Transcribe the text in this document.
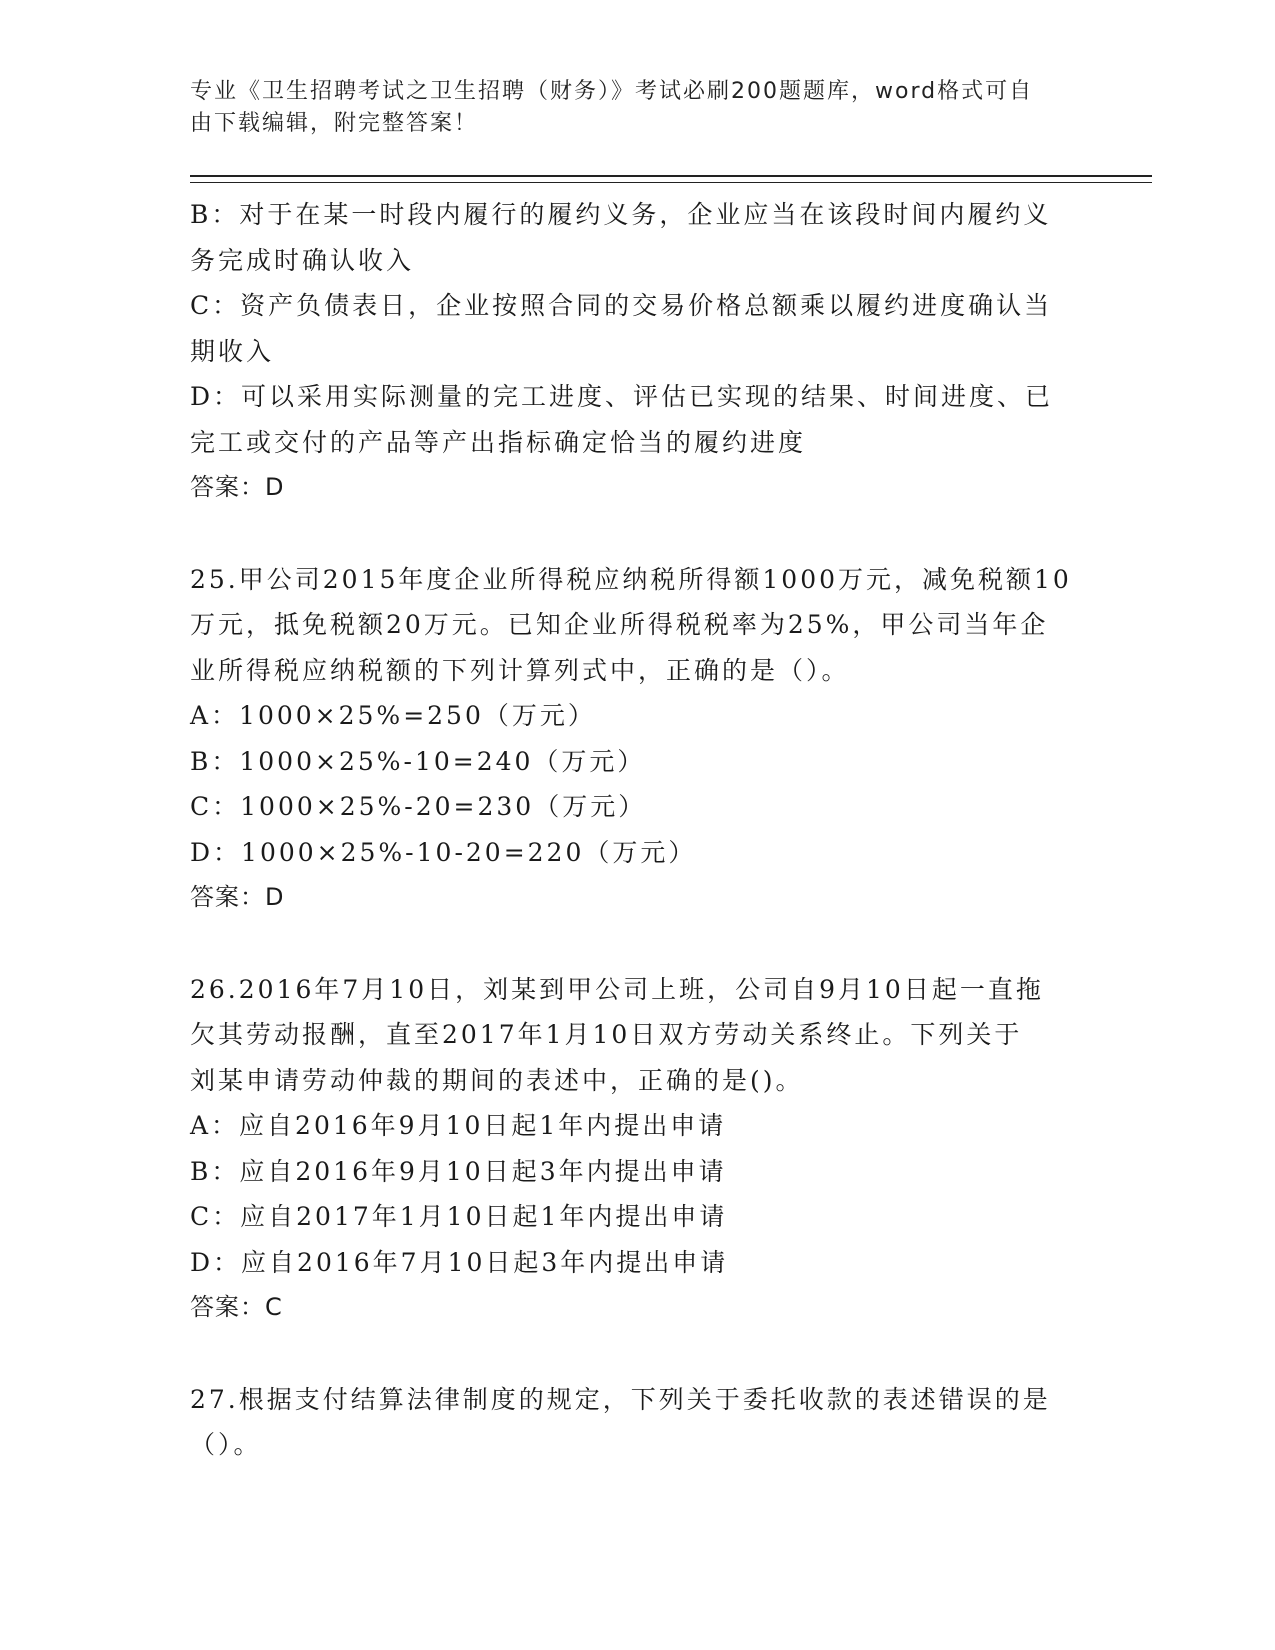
专业《卫生招聘考试之卫生招聘（财务）》考试必刷200题题库，word格式可自
由下载编辑，附完整答案！
B：对于在某一时段内履行的履约义务，企业应当在该段时间内履约义
务完成时确认收入
C：资产负债表日，企业按照合同的交易价格总额乘以履约进度确认当
期收入
D：可以采用实际测量的完工进度、评估已实现的结果、时间进度、已
完工或交付的产品等产出指标确定恰当的履约进度
答案：D
25.甲公司2015年度企业所得税应纳税所得额1000万元，减免税额10
万元，抵免税额20万元。已知企业所得税税率为25%，甲公司当年企
业所得税应纳税额的下列计算列式中，正确的是（）。
A：1000×25%=250（万元）
B：1000×25%-10=240（万元）
C：1000×25%-20=230（万元）
D：1000×25%-10-20=220（万元）
答案：D
26.2016年7月10日，刘某到甲公司上班，公司自9月10日起一直拖
欠其劳动报酬，直至2017年1月10日双方劳动关系终止。下列关于
刘某申请劳动仲裁的期间的表述中，正确的是()。
A：应自2016年9月10日起1年内提出申请
B：应自2016年9月10日起3年内提出申请
C：应自2017年1月10日起1年内提出申请
D：应自2016年7月10日起3年内提出申请
答案：C
27.根据支付结算法律制度的规定，下列关于委托收款的表述错误的是
（）。
